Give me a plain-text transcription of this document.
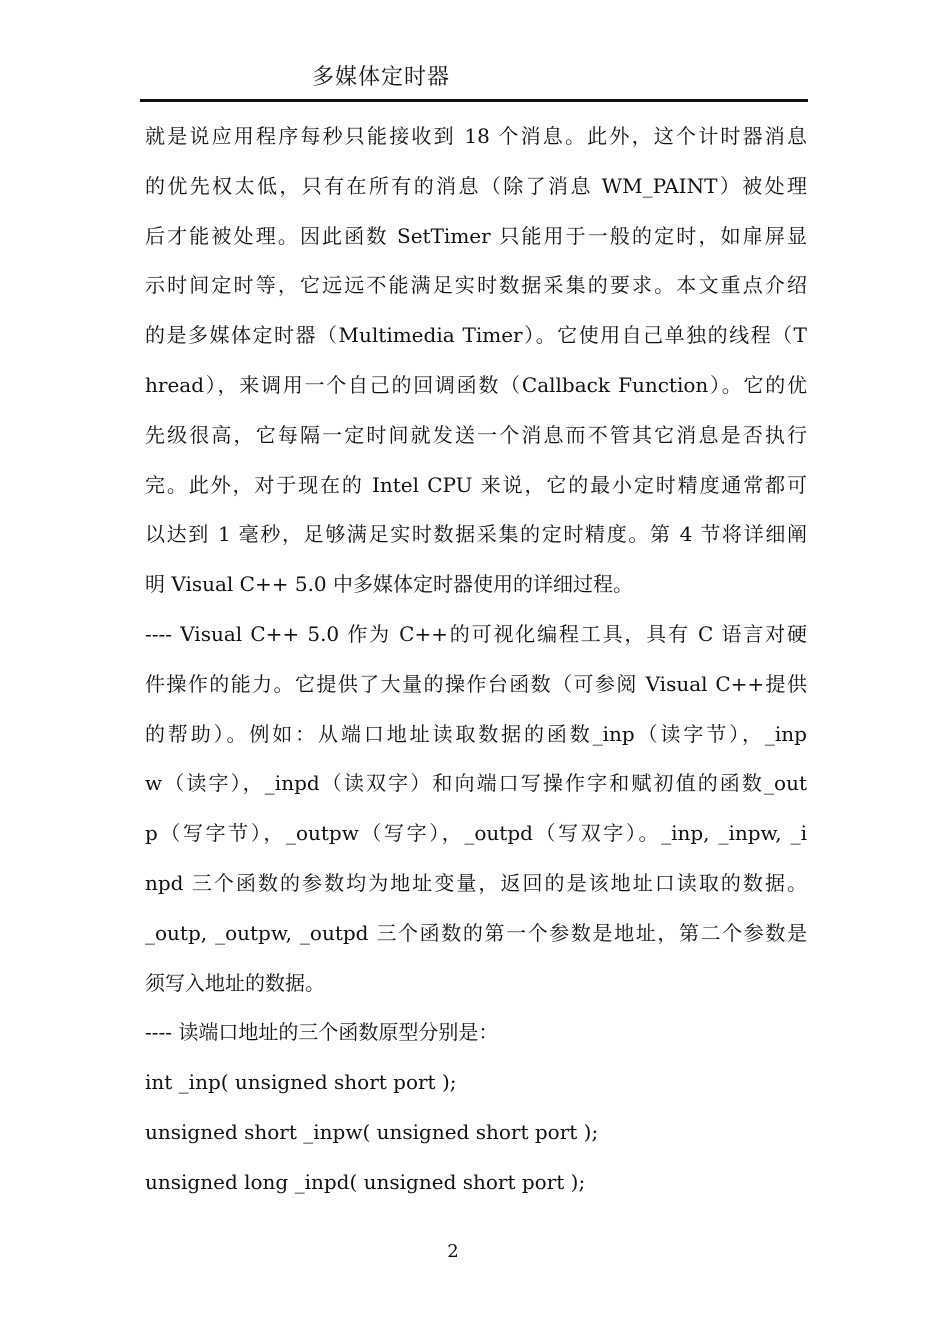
多媒体定时器
就是说应用程序每秒只能接收到 18 个消息。此外，这个计时器消息
的优先权太低，只有在所有的消息（除了消息 WM_PAINT）被处理
后才能被处理。因此函数 SetTimer 只能用于一般的定时，如扉屏显
示时间定时等，它远远不能满足实时数据采集的要求。本文重点介绍
的是多媒体定时器（Multimedia Timer）。它使用自己单独的线程（T
hread），来调用一个自己的回调函数（Callback Function）。它的优
先级很高，它每隔一定时间就发送一个消息而不管其它消息是否执行
完。此外，对于现在的 Intel CPU 来说，它的最小定时精度通常都可
以达到 1 毫秒，足够满足实时数据采集的定时精度。第 4 节将详细阐
明 Visual C++ 5.0 中多媒体定时器使用的详细过程。
---- Visual C++ 5.0 作为 C++的可视化编程工具，具有 C 语言对硬
件操作的能力。它提供了大量的操作台函数（可参阅 Visual C++提供
的帮助）。例如：从端口地址读取数据的函数_inp（读字节），_inp
w（读字），_inpd（读双字）和向端口写操作字和赋初值的函数_out
p（写字节），_outpw（写字），_outpd（写双字）。_inp, _inpw, _i
npd 三个函数的参数均为地址变量，返回的是该地址口读取的数据。
_outp, _outpw, _outpd 三个函数的第一个参数是地址，第二个参数是
须写入地址的数据。
---- 读端口地址的三个函数原型分别是：
int _inp( unsigned short port );
unsigned short _inpw( unsigned short port );
unsigned long _inpd( unsigned short port );
2
